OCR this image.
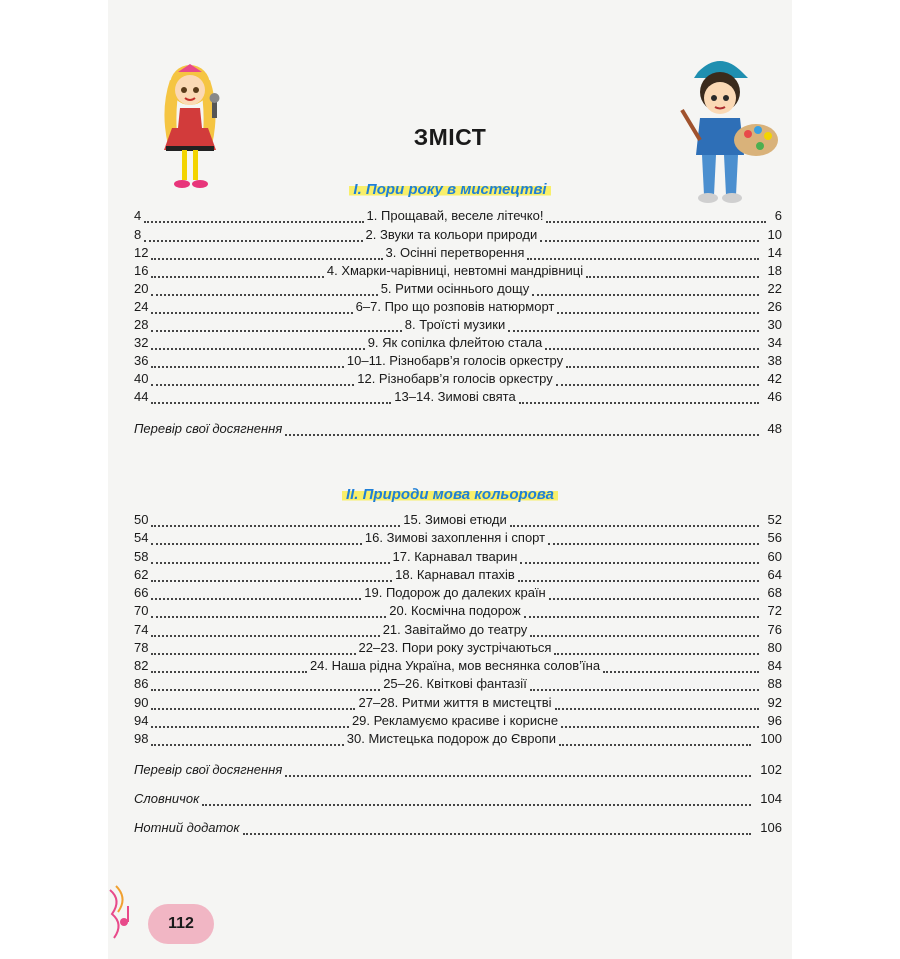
ЗМІСТ
І. Пори року в мистецтві
4	1. Прощавай, веселе літечко!	6
8	2. Звуки та кольори природи	10
12	3. Осінні перетворення	14
16	4. Хмарки-чарівниці, невтомні мандрівниці	18
20	5. Ритми осіннього дощу	22
24	6–7. Про що розповів натюрморт	26
28	8. Троїсті музики	30
32	9. Як сопілка флейтою стала	34
36	10–11. Різнобарв’я голосів оркестру	38
40	12. Різнобарв’я голосів оркестру	42
44	13–14. Зимові свята	46
Перевір свої досягнення	48
ІІ. Природи мова кольорова
50	15. Зимові етюди	52
54	16. Зимові захоплення і спорт	56
58	17. Карнавал тварин	60
62	18. Карнавал птахів	64
66	19. Подорож до далеких країн	68
70	20. Космічна подорож	72
74	21. Завітаймо до театру	76
78	22–23. Пори року зустрічаються	80
82	24. Наша рідна Україна, мов веснянка солов’їна	84
86	25–26. Квіткові фантазії	88
90	27–28. Ритми життя в мистецтві	92
94	29. Рекламуємо красиве і корисне	96
98	30. Мистецька подорож до Європи	100
Перевір свої досягнення	102
Словничок	104
Нотний додаток	106
112
